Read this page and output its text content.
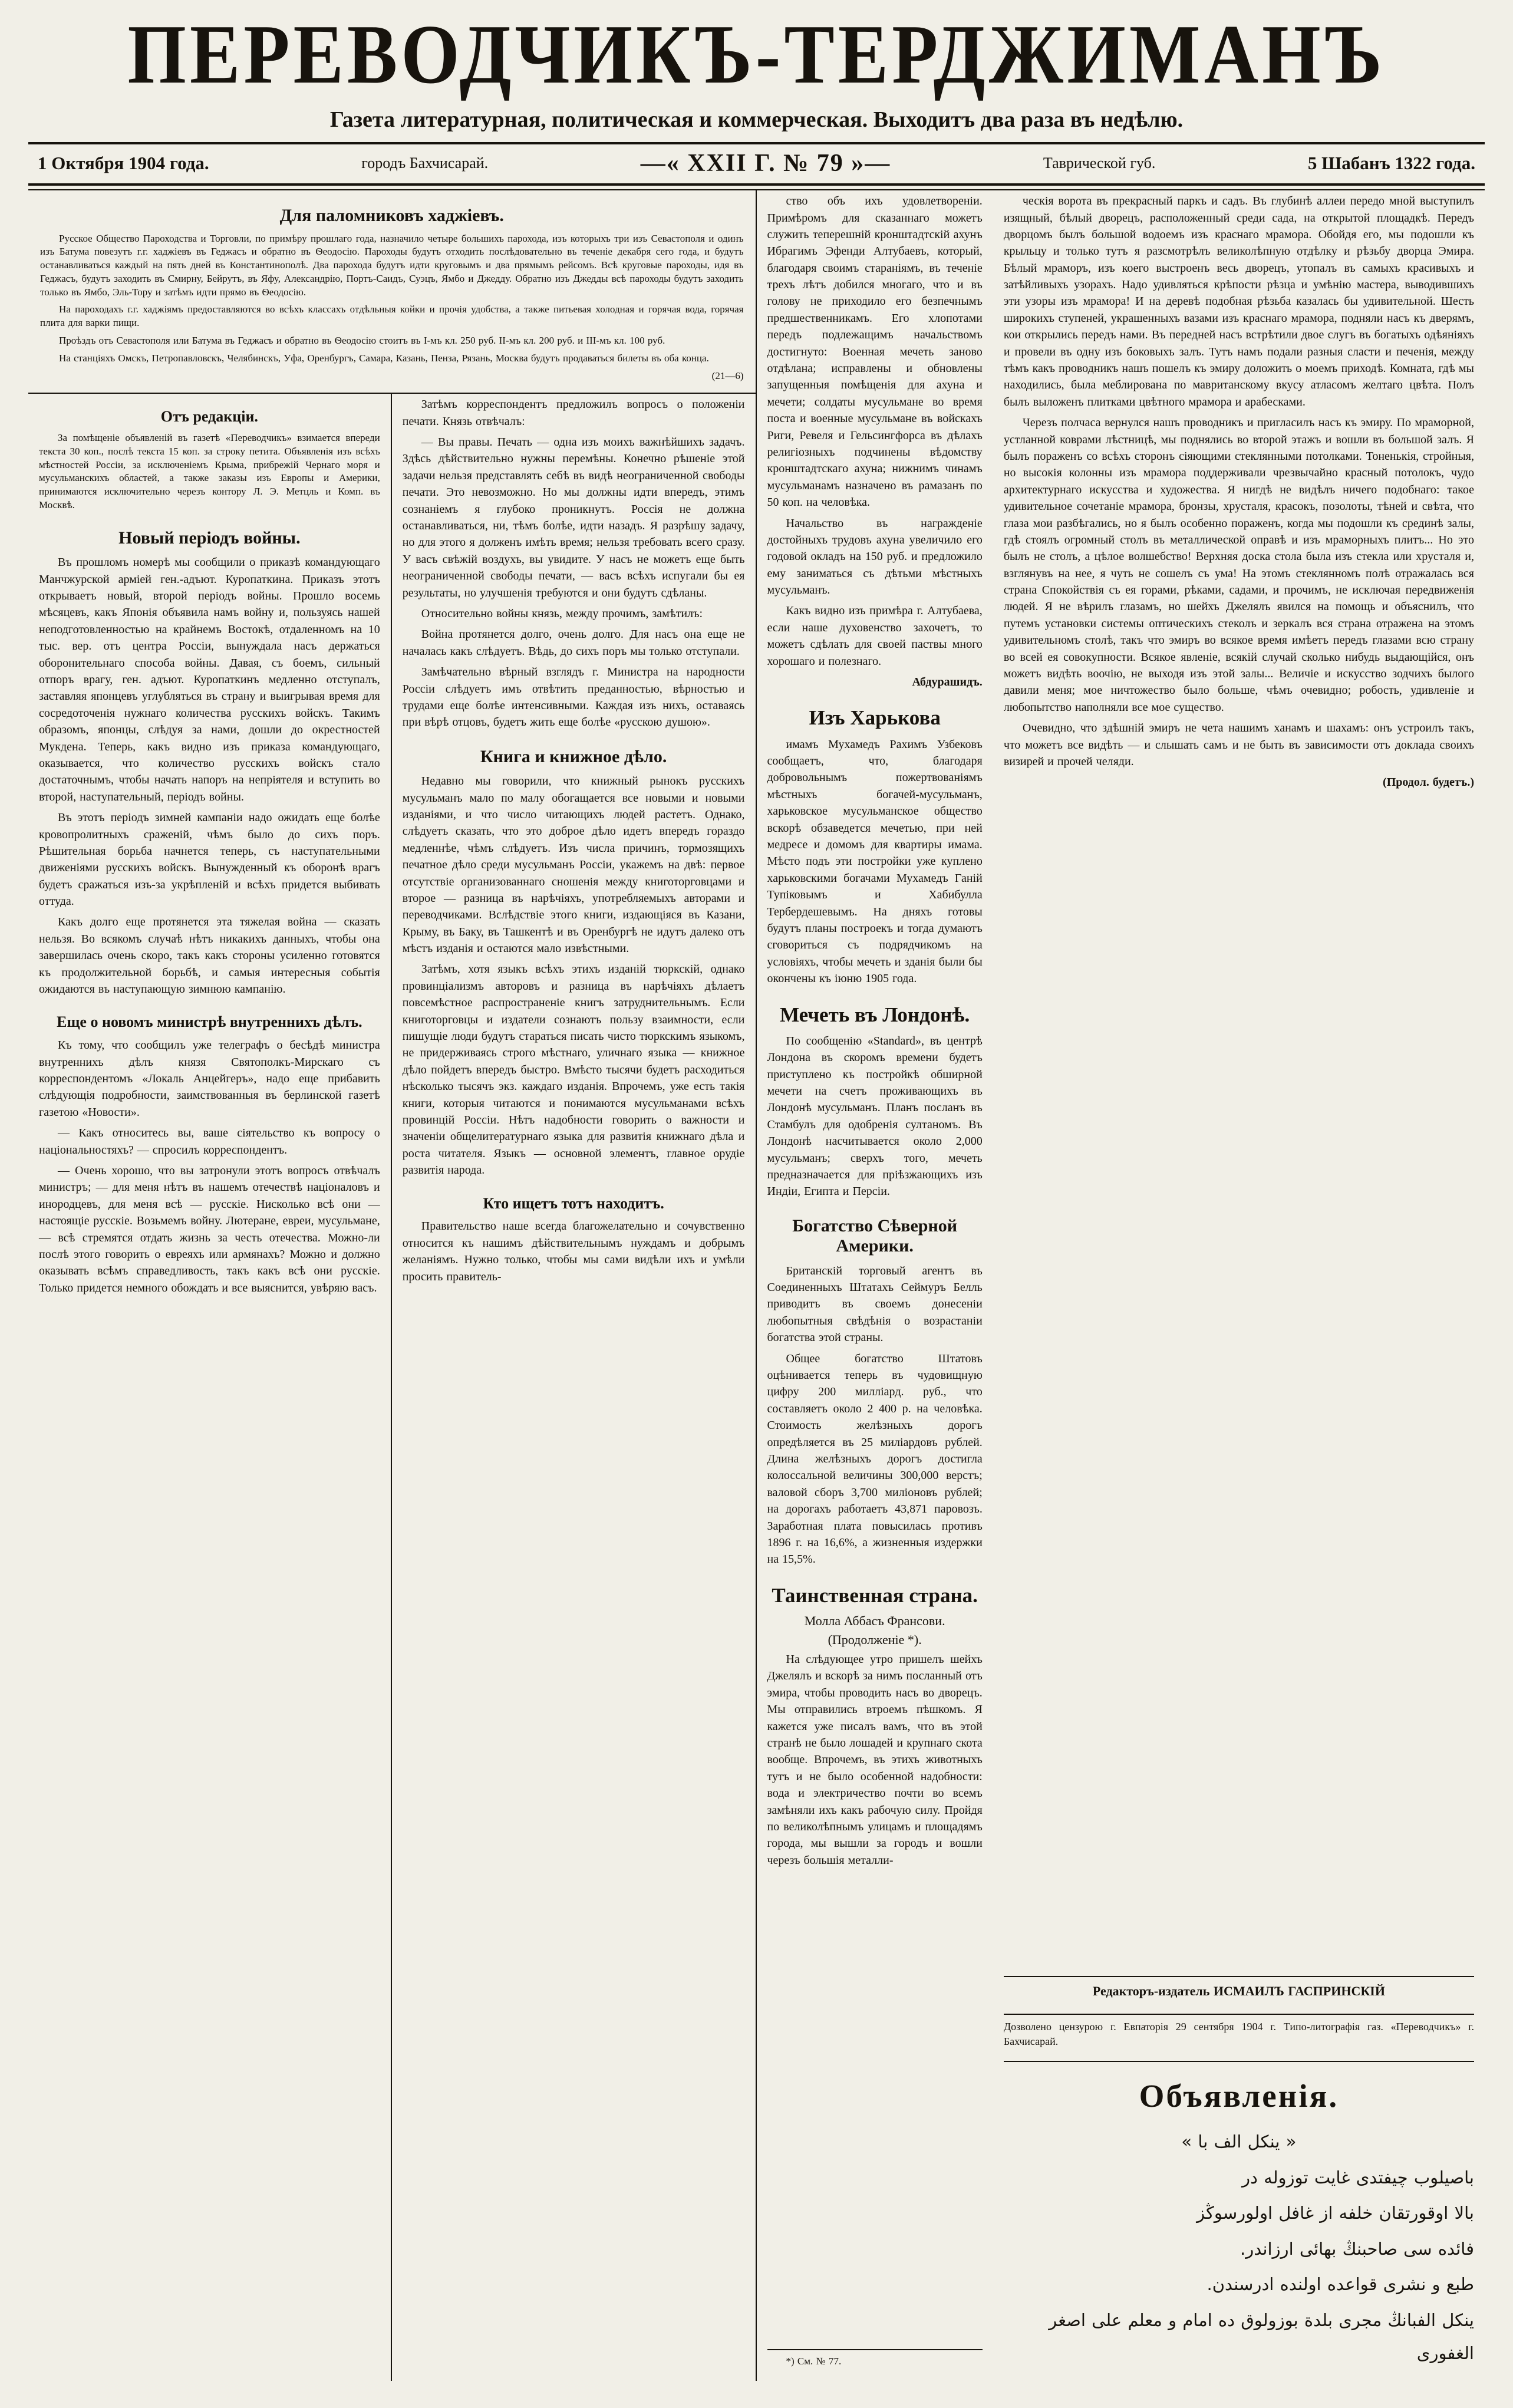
ПЕРЕВОДЧИКЪ-ТЕРДЖИМАНЪ
Газета литературная, политическая и коммерческая. Выходитъ два раза въ недѣлю.
1 Октября 1904 года.	городъ Бахчисарай.	—« XXII Г. № 79 »—	Таврической губ.	5 Шабанъ 1322 года.
Для паломниковъ хаджіевъ.

Русское Общество Пароходства и Торговли, по примѣру прошлаго года, назначило четыре большихъ парохода, изъ которыхъ три изъ Севастополя и одинъ изъ Батума повезутъ г.г. хаджіевъ въ Геджасъ и обратно въ Ѳеодосію. Пароходы будутъ отходить послѣдовательно въ теченіе декабря сего года, и будутъ останавливаться каждый на пять дней въ Константинополѣ. Два парохода будутъ идти круговымъ и два прямымъ рейсомъ. Всѣ круговые пароходы, идя въ Геджасъ, будутъ заходить въ Смирну, Бейрутъ, въ Яфу, Александрію, Портъ-Саидъ, Суэцъ, Ямбо и Джедду. Обратно изъ Джедды всѣ пароходы будутъ заходить только въ Ямбо, Эль-Тору и затѣмъ идти прямо въ Ѳеодосію.

На пароходахъ г.г. хаджіямъ предоставляются во всѣхъ классахъ отдѣльныя койки и прочія удобства, а также питьевая холодная и горячая вода, горячая плита для варки пищи.

Проѣздъ отъ Севастополя или Батума въ Геджасъ и обратно въ Ѳеодосію стоитъ въ I-мъ кл. 250 руб. II-мъ кл. 200 руб. и III-мъ кл. 100 руб.

На станціяхъ Омскъ, Петропавловскъ, Челябинскъ, Уфа, Оренбургъ, Самара, Казань, Пенза, Рязань, Москва будутъ продаваться билеты въ оба конца.

(21—6)

Отъ редакціи.

За помѣщеніе объявленій въ газетѣ «Переводчикъ» взимается впереди текста 30 коп., послѣ текста 15 коп. за строку петита. Объявленія изъ всѣхъ мѣстностей Россіи, за исключеніемъ Крыма, прибрежій Чернаго моря и мусульманскихъ областей, а также заказы изъ Европы и Америки, принимаются исключительно черезъ контору Л. Э. Метцль и Комп. въ Москвѣ.

Новый періодъ войны.

Въ прошломъ номерѣ мы сообщили о приказѣ командующаго Манчжурской арміей ген.-адъют. Куропаткина. Приказъ этотъ открываетъ новый, второй періодъ войны. Прошло восемь мѣсяцевъ, какъ Японія объявила намъ войну и, пользуясь нашей неподготовленностью на крайнемъ Востокѣ, отдаленномъ на 10 тыс. вер. отъ центра Россіи, вынуждала насъ держаться оборонительнаго способа войны. Давая, съ боемъ, сильный отпоръ врагу, ген. адъют. Куропаткинъ медленно отступалъ, заставляя японцевъ углубляться въ страну и выигрывая время для сосредоточенія нужнаго количества русскихъ войскъ. Такимъ образомъ, японцы, слѣдуя за нами, дошли до окрестностей Мукдена. Теперь, какъ видно изъ приказа командующаго, оказывается, что количество русскихъ войскъ стало достаточнымъ, чтобы начать напоръ на непріятеля и вступить во второй, наступательный, періодъ войны.

Въ этотъ періодъ зимней кампаніи надо ожидать еще болѣе кровопролитныхъ сраженій, чѣмъ было до сихъ поръ. Рѣшительная борьба начнется теперь, съ наступательными движеніями русскихъ войскъ. Вынужденный къ оборонѣ врагъ будетъ сражаться изъ-за укрѣпленій и всѣхъ придется выбивать оттуда.

Какъ долго еще протянется эта тяжелая война — сказать нельзя. Во всякомъ случаѣ нѣтъ никакихъ данныхъ, чтобы она завершилась очень скоро, такъ какъ стороны усиленно готовятся къ продолжительной борьбѣ, и самыя интересныя событія ожидаются въ наступающую зимнюю кампанію.

Еще о новомъ министрѣ внутреннихъ дѣлъ.

Къ тому, что сообщилъ уже телеграфъ о бесѣдѣ министра внутреннихъ дѣлъ князя Святополкъ-Мирскаго съ корреспондентомъ «Локаль Анцейгеръ», надо еще прибавить слѣдующія подробности, заимствованныя въ берлинской газетѣ газетою «Новости».

— Какъ относитесь вы, ваше сіятельство къ вопросу о національностяхъ? — спросилъ корреспондентъ.

— Очень хорошо, что вы затронули этотъ вопросъ отвѣчалъ министръ; — для меня нѣтъ въ нашемъ отечествѣ націоналовъ и инородцевъ, для меня всѣ — русскіе. Нисколько всѣ они — настоящіе русскіе. Возьмемъ войну. Лютеране, евреи, мусульмане, — всѣ стремятся отдать жизнь за честь отечества. Можно-ли послѣ этого говорить о евреяхъ или армянахъ? Можно и должно оказывать всѣмъ справедливость, такъ какъ всѣ они русскіе. Только придется немного обождать и все выяснится, увѣряю васъ.

Затѣмъ корреспондентъ предложилъ вопросъ о положеніи печати. Князь отвѣчалъ:

— Вы правы. Печать — одна изъ моихъ важнѣйшихъ задачъ. Здѣсь дѣйствительно нужны перемѣны. Конечно рѣшеніе этой задачи нельзя представлять себѣ въ видѣ неограниченной свободы печати. Это невозможно. Но мы должны идти впередъ, этимъ сознаніемъ я глубоко проникнутъ. Россія не должна останавливаться, ни, тѣмъ болѣе, идти назадъ. Я разрѣшу задачу, но для этого я долженъ имѣть время; нельзя требовать всего сразу. У васъ свѣжій воздухъ, вы увидите. У насъ не можетъ еще быть неограниченной свободы печати, — васъ всѣхъ испугали бы ея результаты, но улучшенія требуются и они будутъ сдѣланы.

Относительно войны князь, между прочимъ, замѣтилъ:

Война протянется долго, очень долго. Для насъ она еще не началась какъ слѣдуетъ. Вѣдь, до сихъ поръ мы только отступали.

Замѣчательно вѣрный взглядъ г. Министра на народности Россіи слѣдуетъ имъ отвѣтить преданностью, вѣрностью и трудами еще болѣе интенсивными. Каждая изъ нихъ, оставаясь при вѣрѣ отцовъ, будетъ жить еще болѣе «русскою душою».

Книга и книжное дѣло.

Недавно мы говорили, что книжный рынокъ русскихъ мусульманъ мало по малу обогащается все новыми и новыми изданіями, и что число читающихъ людей растетъ. Однако, слѣдуетъ сказать, что это доброе дѣло идетъ впередъ гораздо медленнѣе, чѣмъ слѣдуетъ. Изъ числа причинъ, тормозящихъ печатное дѣло среди мусульманъ Россіи, укажемъ на двѣ: первое отсутствіе организованнаго сношенія между книготорговцами и второе — разница въ нарѣчіяхъ, употребляемыхъ авторами и переводчиками. Вслѣдствіе этого книги, издающіяся въ Казани, Крыму, въ Баку, въ Ташкентѣ и въ Оренбургѣ не идутъ далеко отъ мѣстъ изданія и остаются мало извѣстными.

Затѣмъ, хотя языкъ всѣхъ этихъ изданій тюркскій, однако провинціализмъ авторовъ и разница въ нарѣчіяхъ дѣлаетъ повсемѣстное распространеніе книгъ затруднительнымъ. Если книготорговцы и издатели сознаютъ пользу взаимности, если пишущіе люди будутъ стараться писать чисто тюркскимъ языкомъ, не придерживаясь строго мѣстнаго, уличнаго языка — книжное дѣло пойдетъ впередъ быстро. Вмѣсто тысячи будетъ расходиться нѣсколько тысячъ экз. каждаго изданія. Впрочемъ, уже есть такія книги, которыя читаются и понимаются мусульманами всѣхъ провинцій Россіи. Нѣтъ надобности говорить о важности и значеніи общелитературнаго языка для развитія книжнаго дѣла и роста читателя. Языкъ — основной элементъ, главное орудіе развитія народа.

Кто ищетъ тотъ находитъ.

Правительство наше всегда благожелательно и сочувственно относится къ нашимъ дѣйствительнымъ нуждамъ и добрымъ желаніямъ. Нужно только, чтобы мы сами видѣли ихъ и умѣли просить правитель-

ство объ ихъ удовлетвореніи. Примѣромъ для сказаннаго можетъ служить теперешній кронштадтскій ахунъ Ибрагимъ Эфенди Алтубаевъ, который, благодаря своимъ стараніямъ, въ теченіе трехъ лѣтъ добился многаго, что и въ голову не приходило его безпечнымъ предшественникамъ. Его хлопотами передъ подлежащимъ начальствомъ достигнуто: Военная мечеть заново отдѣлана; исправлены и обновлены запущенныя помѣщенія для ахуна и мечети; солдаты мусульмане во время поста и военные мусульмане въ войскахъ Риги, Ревеля и Гельсингфорса въ дѣлахъ религіозныхъ подчинены вѣдомству кронштадтскаго ахуна; нижнимъ чинамъ мусульманамъ назначено въ рамазанъ по 50 коп. на человѣка.

Начальство въ награжденіе достойныхъ трудовъ ахуна увеличило его годовой окладъ на 150 руб. и предложило ему заниматься съ дѣтьми мѣстныхъ мусульманъ.

Какъ видно изъ примѣра г. Алтубаева, если наше духовенство захочетъ, то можетъ сдѣлать для своей паствы много хорошаго и полезнаго.

Абдурашидъ.

Изъ Харькова

имамъ Мухамедъ Рахимъ Узбековъ сообщаетъ, что, благодаря добровольнымъ пожертвованіямъ мѣстныхъ богачей-мусульманъ, харьковское мусульманское общество вскорѣ обзаведется мечетью, при ней медресе и домомъ для квартиры имама. Мѣсто подъ эти постройки уже куплено харьковскими богачами Мухамедъ Ганій Тупіковымъ и Хабибулла Тербердешевымъ. На дняхъ готовы будутъ планы построекъ и тогда думаютъ сговориться съ подрядчикомъ на условіяхъ, чтобы мечеть и зданія были бы окончены къ іюню 1905 года.

Мечеть въ Лондонѣ.

По сообщенію «Standard», въ центрѣ Лондона въ скоромъ времени будетъ приступлено къ постройкѣ обширной мечети на счетъ проживающихъ въ Лондонѣ мусульманъ. Планъ посланъ въ Стамбулъ для одобренія султаномъ. Въ Лондонѣ насчитывается около 2,000 мусульманъ; сверхъ того, мечеть предназначается для пріѣзжающихъ изъ Индіи, Египта и Персіи.

Богатство Сѣверной Америки.

Британскій торговый агентъ въ Соединенныхъ Штатахъ Сеймуръ Белль приводитъ въ своемъ донесеніи любопытныя свѣдѣнія о возрастаніи богатства этой страны.

Общее богатство Штатовъ оцѣнивается теперь въ чудовищную цифру 200 милліард. руб., что составляетъ около 2 400 р. на человѣка. Стоимость желѣзныхъ дорогъ опредѣляется въ 25 миліардовъ рублей. Длина желѣзныхъ дорогъ достигла колоссальной величины 300,000 верстъ; валовой сборъ 3,700 миліоновъ рублей; на дорогахъ работаетъ 43,871 паровозъ. Заработная плата повысилась противъ 1896 г. на 16,6%, а жизненныя издержки на 15,5%.

Таинственная страна.
Молла Аббасъ Франсови.
(Продолженіе *).

На слѣдующее утро пришелъ шейхъ Джелялъ и вскорѣ за нимъ посланный отъ эмира, чтобы проводить насъ во дворецъ. Мы отправились втроемъ пѣшкомъ. Я кажется уже писалъ вамъ, что въ этой странѣ не было лошадей и крупнаго скота вообще. Впрочемъ, въ этихъ животныхъ тутъ и не было особенной надобности: вода и электричество почти во всемъ замѣняли ихъ какъ рабочую силу. Пройдя по великолѣпнымъ улицамъ и площадямъ города, мы вышли за городъ и вошли черезъ большія металли-

*) См. № 77.

ческія ворота въ прекрасный паркъ и садъ. Въ глубинѣ аллеи передо мной выступилъ изящный, бѣлый дворецъ, расположенный среди сада, на открытой площадкѣ. Передъ дворцомъ былъ большой водоемъ изъ краснаго мрамора. Обойдя его, мы подошли къ крыльцу и только тутъ я разсмотрѣлъ великолѣпную отдѣлку и рѣзьбу дворца Эмира. Бѣлый мраморъ, изъ коего выстроенъ весь дворецъ, утопалъ въ самыхъ красивыхъ и затѣйливыхъ узорахъ. Надо удивляться крѣпости рѣзца и умѣнію мастера, выводившихъ эти узоры изъ мрамора! И на деревѣ подобная рѣзьба казалась бы удивительной. Шесть широкихъ ступеней, украшенныхъ вазами изъ краснаго мрамора, подняли насъ къ дверямъ, кои открылись передъ нами. Въ передней насъ встрѣтили двое слугъ въ богатыхъ одѣяніяхъ и провели въ одну изъ боковыхъ залъ. Тутъ намъ подали разныя сласти и печенія, между тѣмъ какъ проводникъ нашъ пошелъ къ эмиру доложить о моемъ приходѣ. Комната, гдѣ мы находились, была меблирована по мавританскому вкусу атласомъ желтаго цвѣта. Полъ былъ выложенъ плитками цвѣтного мрамора и арабесками.

Черезъ полчаса вернулся нашъ проводникъ и пригласилъ насъ къ эмиру. По мраморной, устланной коврами лѣстницѣ, мы поднялись во второй этажъ и вошли въ большой залъ. Я былъ пораженъ со всѣхъ сторонъ сіяющими стеклянными потолками. Тоненькія, стройныя, но высокія колонны изъ мрамора поддерживали чрезвычайно красный потолокъ, чудо архитектурнаго искусства и художества. Я нигдѣ не видѣлъ ничего подобнаго: такое удивительное сочетаніе мрамора, бронзы, хрусталя, красокъ, позолоты, тѣней и свѣта, что глаза мои разбѣгались, но я былъ особенно пораженъ, когда мы подошли къ срединѣ залы, гдѣ стоялъ огромный столъ въ металлической оправѣ и изъ мраморныхъ плитъ... Но это былъ не столъ, а цѣлое волшебство! Верхняя доска стола была изъ стекла или хрусталя и, взглянувъ на нее, я чуть не сошелъ съ ума! На этомъ стеклянномъ полѣ отражалась вся страна Спокойствія съ ея горами, рѣками, садами, и прочимъ, не исключая передвиженія людей. Я не вѣрилъ глазамъ, но шейхъ Джелялъ явился на помощь и объяснилъ, что путемъ установки системы оптическихъ стеколъ и зеркалъ вся страна отражена на этомъ удивительномъ столѣ, такъ что эмиръ во всякое время имѣетъ передъ глазами всю страну во всей ея совокупности. Всякое явленіе, всякій случай сколько нибудь выдающійся, онъ можетъ видѣть воочію, не выходя изъ этой залы... Величіе и искусство зодчихъ былого давили меня; мое ничтожество было больше, чѣмъ очевидно; робость, удивленіе и любопытство наполняли все мое существо.

Очевидно, что здѣшній эмиръ не чета нашимъ ханамъ и шахамъ: онъ устроилъ такъ, что можетъ все видѣть — и слышать самъ и не быть въ зависимости отъ доклада своихъ визирей и прочей челяди.

(Продол. будетъ.)

Редакторъ-издатель ИСМАИЛЪ ГАСПРИНСКІЙ

Дозволено цензурою г. Евпаторія 29 сентября 1904 г. Типо-литографія газ. «Переводчикъ» г. Бахчисарай.

Объявленія.

« ينكل الف با »

باصيلوب چيفتدى غايت توزوله در

بالا اوقورتقان خلفه از غافل اولورسوڭز

فائده سى صاحبنڭ بهائى ارزاندر.

طبع و نشرى قواعده اولنده ادرسندن.

ينكل الفبانڭ مجرى بلدة بوزولوق ده امام و معلم على اصغر الغفورى
